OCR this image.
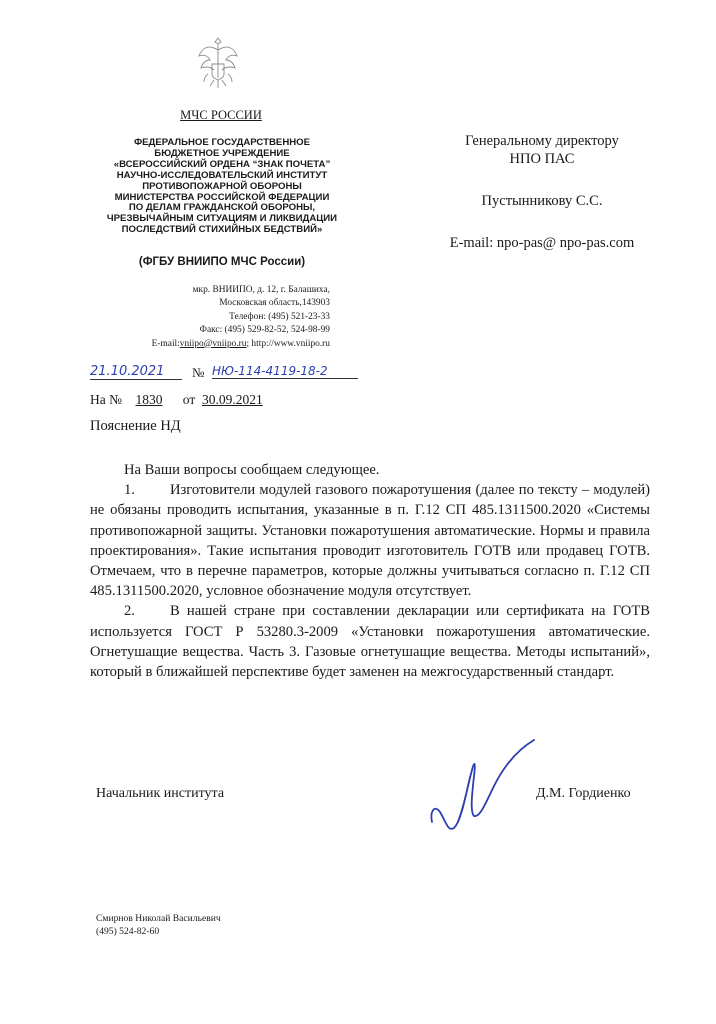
МЧС РОССИИ
ФЕДЕРАЛЬНОЕ ГОСУДАРСТВЕННОЕ
БЮДЖЕТНОЕ УЧРЕЖДЕНИЕ
«ВСЕРОССИЙСКИЙ ОРДЕНА “ЗНАК ПОЧЕТА”
НАУЧНО-ИССЛЕДОВАТЕЛЬСКИЙ ИНСТИТУТ
ПРОТИВОПОЖАРНОЙ ОБОРОНЫ
МИНИСТЕРСТВА РОССИЙСКОЙ ФЕДЕРАЦИИ
ПО ДЕЛАМ ГРАЖДАНСКОЙ ОБОРОНЫ,
ЧРЕЗВЫЧАЙНЫМ СИТУАЦИЯМ И ЛИКВИДАЦИИ
ПОСЛЕДСТВИЙ СТИХИЙНЫХ БЕДСТВИЙ»
(ФГБУ ВНИИПО МЧС России)
мкр. ВНИИПО, д. 12, г. Балашиха,
Московская область,143903
Телефон: (495) 521-23-33
Факс: (495) 529-82-52, 524-98-99
E-mail:vniipo@vniipo.ru; http://www.vniipo.ru
Генеральному директору
НПО ПАС
Пустынникову С.С.
E-mail: npo-pas@ npo-pas.com
21.10.2021	№ НЮ-114-4119-18-2
На № 1830 от 30.09.2021
Пояснение НД

На Ваши вопросы сообщаем следующее.

1. Изготовители модулей газового пожаротушения (далее по тексту – модулей) не обязаны проводить испытания, указанные в п. Г.12 СП 485.1311500.2020 «Системы противопожарной защиты. Установки пожаротушения автоматические. Нормы и правила проектирования». Такие испытания проводит изготовитель ГОТВ или продавец ГОТВ. Отмечаем, что в перечне параметров, которые должны учитываться согласно п. Г.12 СП 485.1311500.2020, условное обозначение модуля отсутствует.

2. В нашей стране при составлении декларации или сертификата на ГОТВ используется ГОСТ Р 53280.3-2009 «Установки пожаротушения автоматические. Огнетушащие вещества. Часть 3. Газовые огнетушащие вещества. Методы испытаний», который в ближайшей перспективе будет заменен на межгосударственный стандарт.

Начальник института	Д.М. Гордиенко
Смирнов Николай Васильевич
(495) 524-82-60
